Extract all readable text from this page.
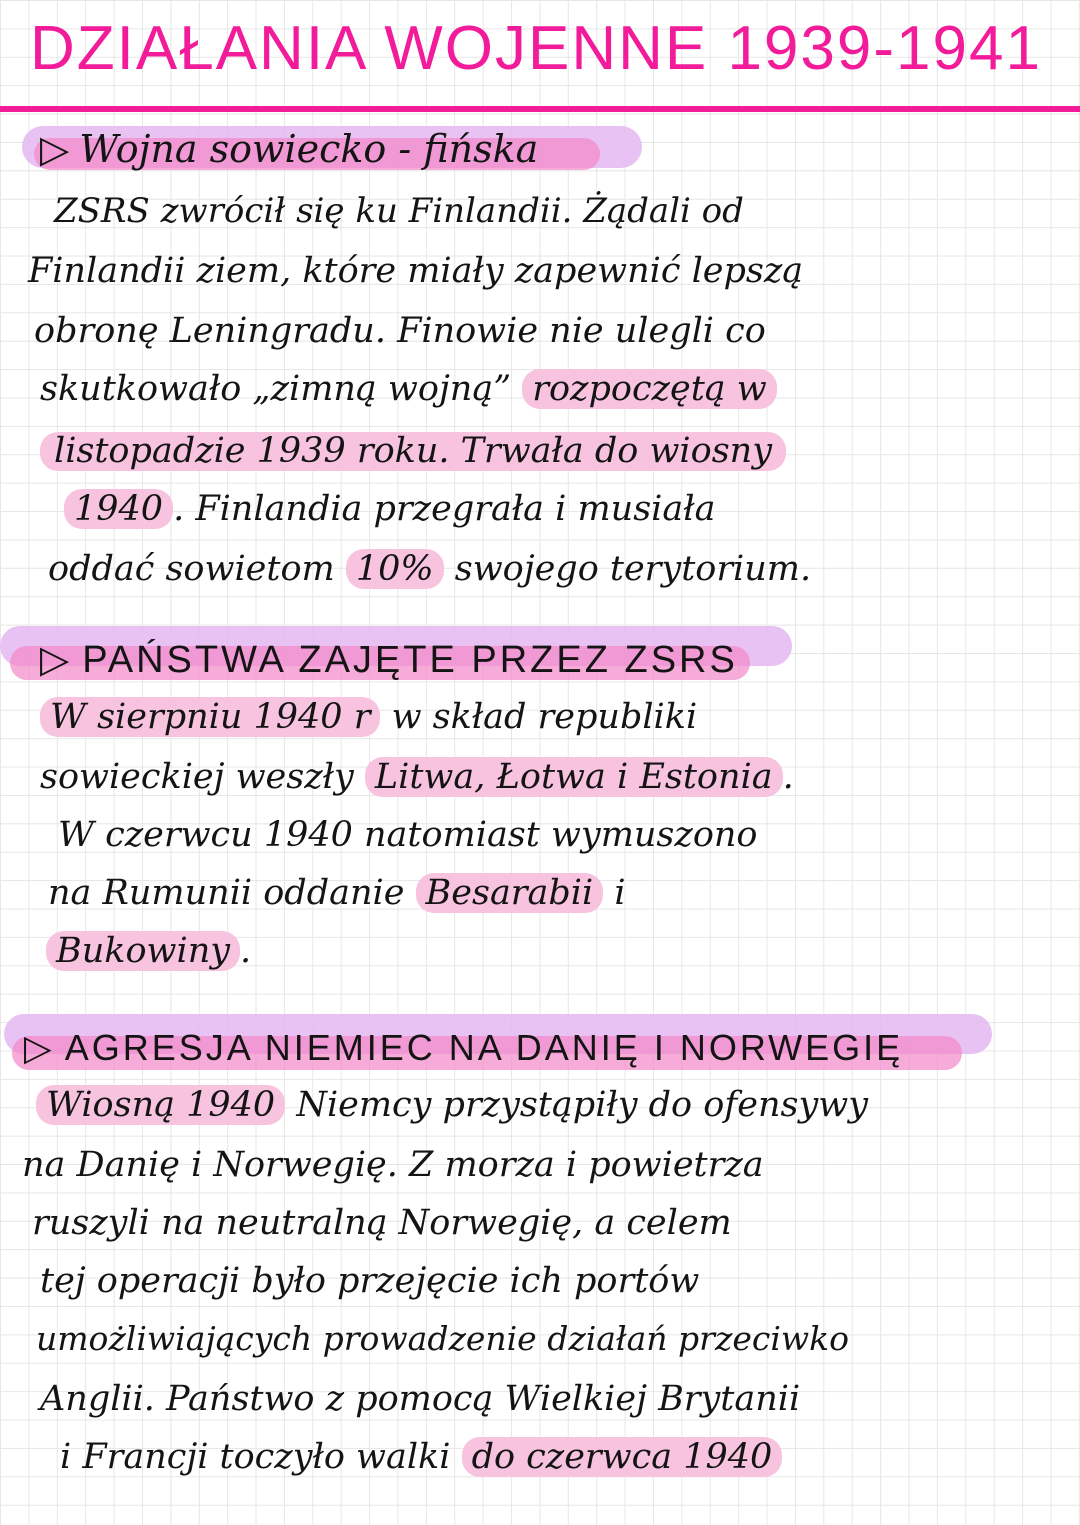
DZIAŁANIA WOJENNE 1939-1941
▷ Wojna sowiecko - fińska

ZSRS zwrócił się ku Finlandii. Żądali od

Finlandii ziem, które miały zapewnić lepszą

obronę Leningradu. Finowie nie ulegli co

skutkowało „zimną wojną” rozpoczętą w

listopadzie 1939 roku. Trwała do wiosny

1940 . Finlandia przegrała i musiała

oddać sowietom 10% swojego terytorium.

▷ PAŃSTWA ZAJĘTE PRZEZ ZSRS

W sierpniu 1940 r w skład republiki

sowieckiej weszły Litwa, Łotwa i Estonia .

W czerwcu 1940 natomiast wymuszono

na Rumunii oddanie Besarabii i

Bukowiny .

▷ AGRESJA NIEMIEC NA DANIĘ I NORWEGIĘ

Wiosną 1940 Niemcy przystąpiły do ofensywy

na Danię i Norwegię. Z morza i powietrza

ruszyli na neutralną Norwegię, a celem

tej operacji było przejęcie ich portów

umożliwiających prowadzenie działań przeciwko

Anglii. Państwo z pomocą Wielkiej Brytanii

i Francji toczyło walki do czerwca 1940
